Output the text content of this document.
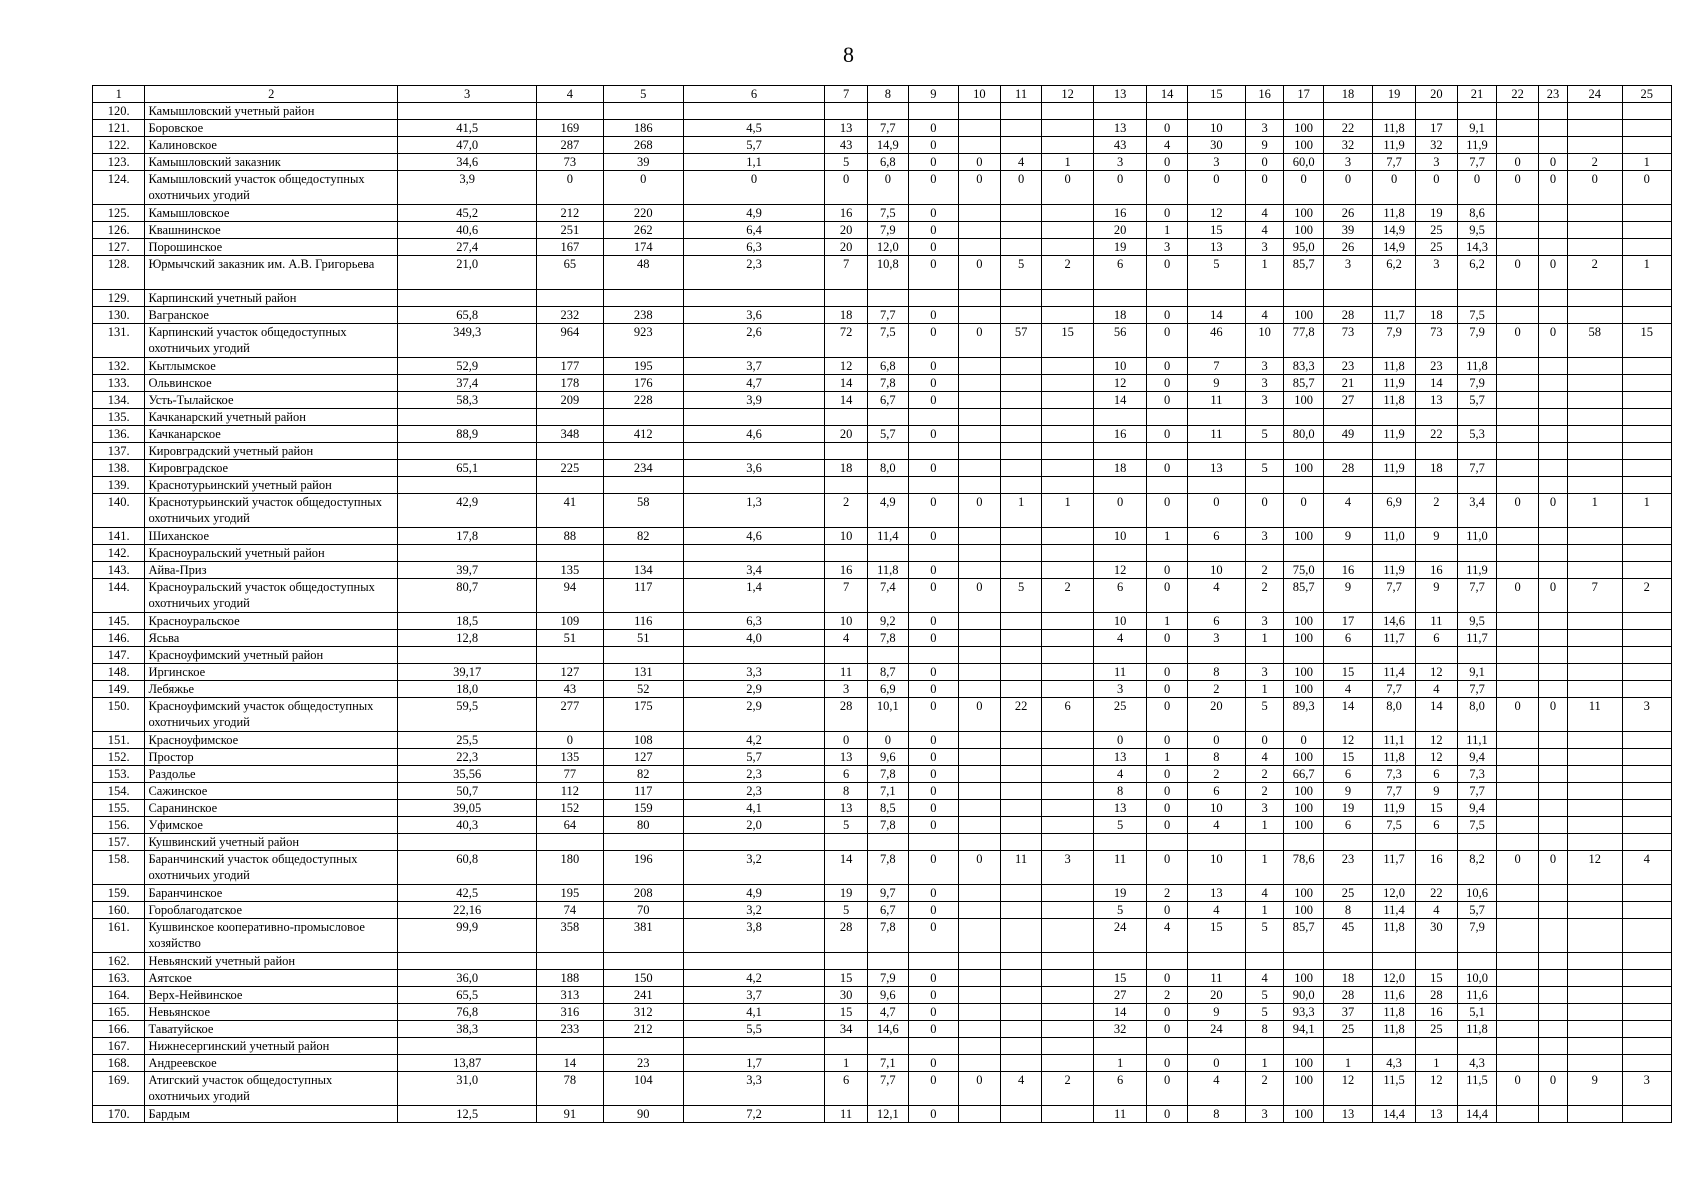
8
1	2	3	4	5	6	7	8	9	10	11	12	13	14	15	16	17	18	19	20	21	22	23	24	25
120.	Камышловский учетный район																							
121.	Боровское	41,5	169	186	4,5	13	7,7	0				13	0	10	3	100	22	11,8	17	9,1				
122.	Калиновское	47,0	287	268	5,7	43	14,9	0				43	4	30	9	100	32	11,9	32	11,9				
123.	Камышловский заказник	34,6	73	39	1,1	5	6,8	0	0	4	1	3	0	3	0	60,0	3	7,7	3	7,7	0	0	2	1
124.	Камышловский участок общедоступных охотничьих угодий	3,9	0	0	0	0	0	0	0	0	0	0	0	0	0	0	0	0	0	0	0	0	0	0
125.	Камышловское	45,2	212	220	4,9	16	7,5	0				16	0	12	4	100	26	11,8	19	8,6				
126.	Квашнинское	40,6	251	262	6,4	20	7,9	0				20	1	15	4	100	39	14,9	25	9,5				
127.	Порошинское	27,4	167	174	6,3	20	12,0	0				19	3	13	3	95,0	26	14,9	25	14,3				
128.	Юрмычский заказник им. А.В. Григорьева	21,0	65	48	2,3	7	10,8	0	0	5	2	6	0	5	1	85,7	3	6,2	3	6,2	0	0	2	1
129.	Карпинский учетный район																							
130.	Вагранское	65,8	232	238	3,6	18	7,7	0				18	0	14	4	100	28	11,7	18	7,5				
131.	Карпинский участок общедоступных охотничьих угодий	349,3	964	923	2,6	72	7,5	0	0	57	15	56	0	46	10	77,8	73	7,9	73	7,9	0	0	58	15
132.	Кытлымское	52,9	177	195	3,7	12	6,8	0				10	0	7	3	83,3	23	11,8	23	11,8				
133.	Ольвинское	37,4	178	176	4,7	14	7,8	0				12	0	9	3	85,7	21	11,9	14	7,9				
134.	Усть-Тылайское	58,3	209	228	3,9	14	6,7	0				14	0	11	3	100	27	11,8	13	5,7				
135.	Качканарский учетный район																							
136.	Качканарское	88,9	348	412	4,6	20	5,7	0				16	0	11	5	80,0	49	11,9	22	5,3				
137.	Кировградский учетный район																							
138.	Кировградское	65,1	225	234	3,6	18	8,0	0				18	0	13	5	100	28	11,9	18	7,7				
139.	Краснотурьинский учетный район																							
140.	Краснотурьинский участок общедоступных охотничьих угодий	42,9	41	58	1,3	2	4,9	0	0	1	1	0	0	0	0	0	4	6,9	2	3,4	0	0	1	1
141.	Шиханское	17,8	88	82	4,6	10	11,4	0				10	1	6	3	100	9	11,0	9	11,0				
142.	Красноуральский учетный район																							
143.	Айва-Приз	39,7	135	134	3,4	16	11,8	0				12	0	10	2	75,0	16	11,9	16	11,9				
144.	Красноуральский участок общедоступных охотничьих угодий	80,7	94	117	1,4	7	7,4	0	0	5	2	6	0	4	2	85,7	9	7,7	9	7,7	0	0	7	2
145.	Красноуральское	18,5	109	116	6,3	10	9,2	0				10	1	6	3	100	17	14,6	11	9,5				
146.	Ясьва	12,8	51	51	4,0	4	7,8	0				4	0	3	1	100	6	11,7	6	11,7				
147.	Красноуфимский учетный район																							
148.	Иргинское	39,17	127	131	3,3	11	8,7	0				11	0	8	3	100	15	11,4	12	9,1				
149.	Лебяжье	18,0	43	52	2,9	3	6,9	0				3	0	2	1	100	4	7,7	4	7,7				
150.	Красноуфимский участок общедоступных охотничьих угодий	59,5	277	175	2,9	28	10,1	0	0	22	6	25	0	20	5	89,3	14	8,0	14	8,0	0	0	11	3
151.	Красноуфимское	25,5	0	108	4,2	0	0	0				0	0	0	0	0	12	11,1	12	11,1				
152.	Простор	22,3	135	127	5,7	13	9,6	0				13	1	8	4	100	15	11,8	12	9,4				
153.	Раздолье	35,56	77	82	2,3	6	7,8	0				4	0	2	2	66,7	6	7,3	6	7,3				
154.	Сажинское	50,7	112	117	2,3	8	7,1	0				8	0	6	2	100	9	7,7	9	7,7				
155.	Саранинское	39,05	152	159	4,1	13	8,5	0				13	0	10	3	100	19	11,9	15	9,4				
156.	Уфимское	40,3	64	80	2,0	5	7,8	0				5	0	4	1	100	6	7,5	6	7,5				
157.	Кушвинский учетный район																							
158.	Баранчинский участок общедоступных охотничьих угодий	60,8	180	196	3,2	14	7,8	0	0	11	3	11	0	10	1	78,6	23	11,7	16	8,2	0	0	12	4
159.	Баранчинское	42,5	195	208	4,9	19	9,7	0				19	2	13	4	100	25	12,0	22	10,6				
160.	Гороблагодатское	22,16	74	70	3,2	5	6,7	0				5	0	4	1	100	8	11,4	4	5,7				
161.	Кушвинское кооперативно-промысловое хозяйство	99,9	358	381	3,8	28	7,8	0				24	4	15	5	85,7	45	11,8	30	7,9				
162.	Невьянский учетный район																							
163.	Аятское	36,0	188	150	4,2	15	7,9	0				15	0	11	4	100	18	12,0	15	10,0				
164.	Верх-Нейвинское	65,5	313	241	3,7	30	9,6	0				27	2	20	5	90,0	28	11,6	28	11,6				
165.	Невьянское	76,8	316	312	4,1	15	4,7	0				14	0	9	5	93,3	37	11,8	16	5,1				
166.	Таватуйское	38,3	233	212	5,5	34	14,6	0				32	0	24	8	94,1	25	11,8	25	11,8				
167.	Нижнесергинский учетный район																							
168.	Андреевское	13,87	14	23	1,7	1	7,1	0				1	0	0	1	100	1	4,3	1	4,3				
169.	Атигский участок общедоступных охотничьих угодий	31,0	78	104	3,3	6	7,7	0	0	4	2	6	0	4	2	100	12	11,5	12	11,5	0	0	9	3
170.	Бардым	12,5	91	90	7,2	11	12,1	0				11	0	8	3	100	13	14,4	13	14,4				
